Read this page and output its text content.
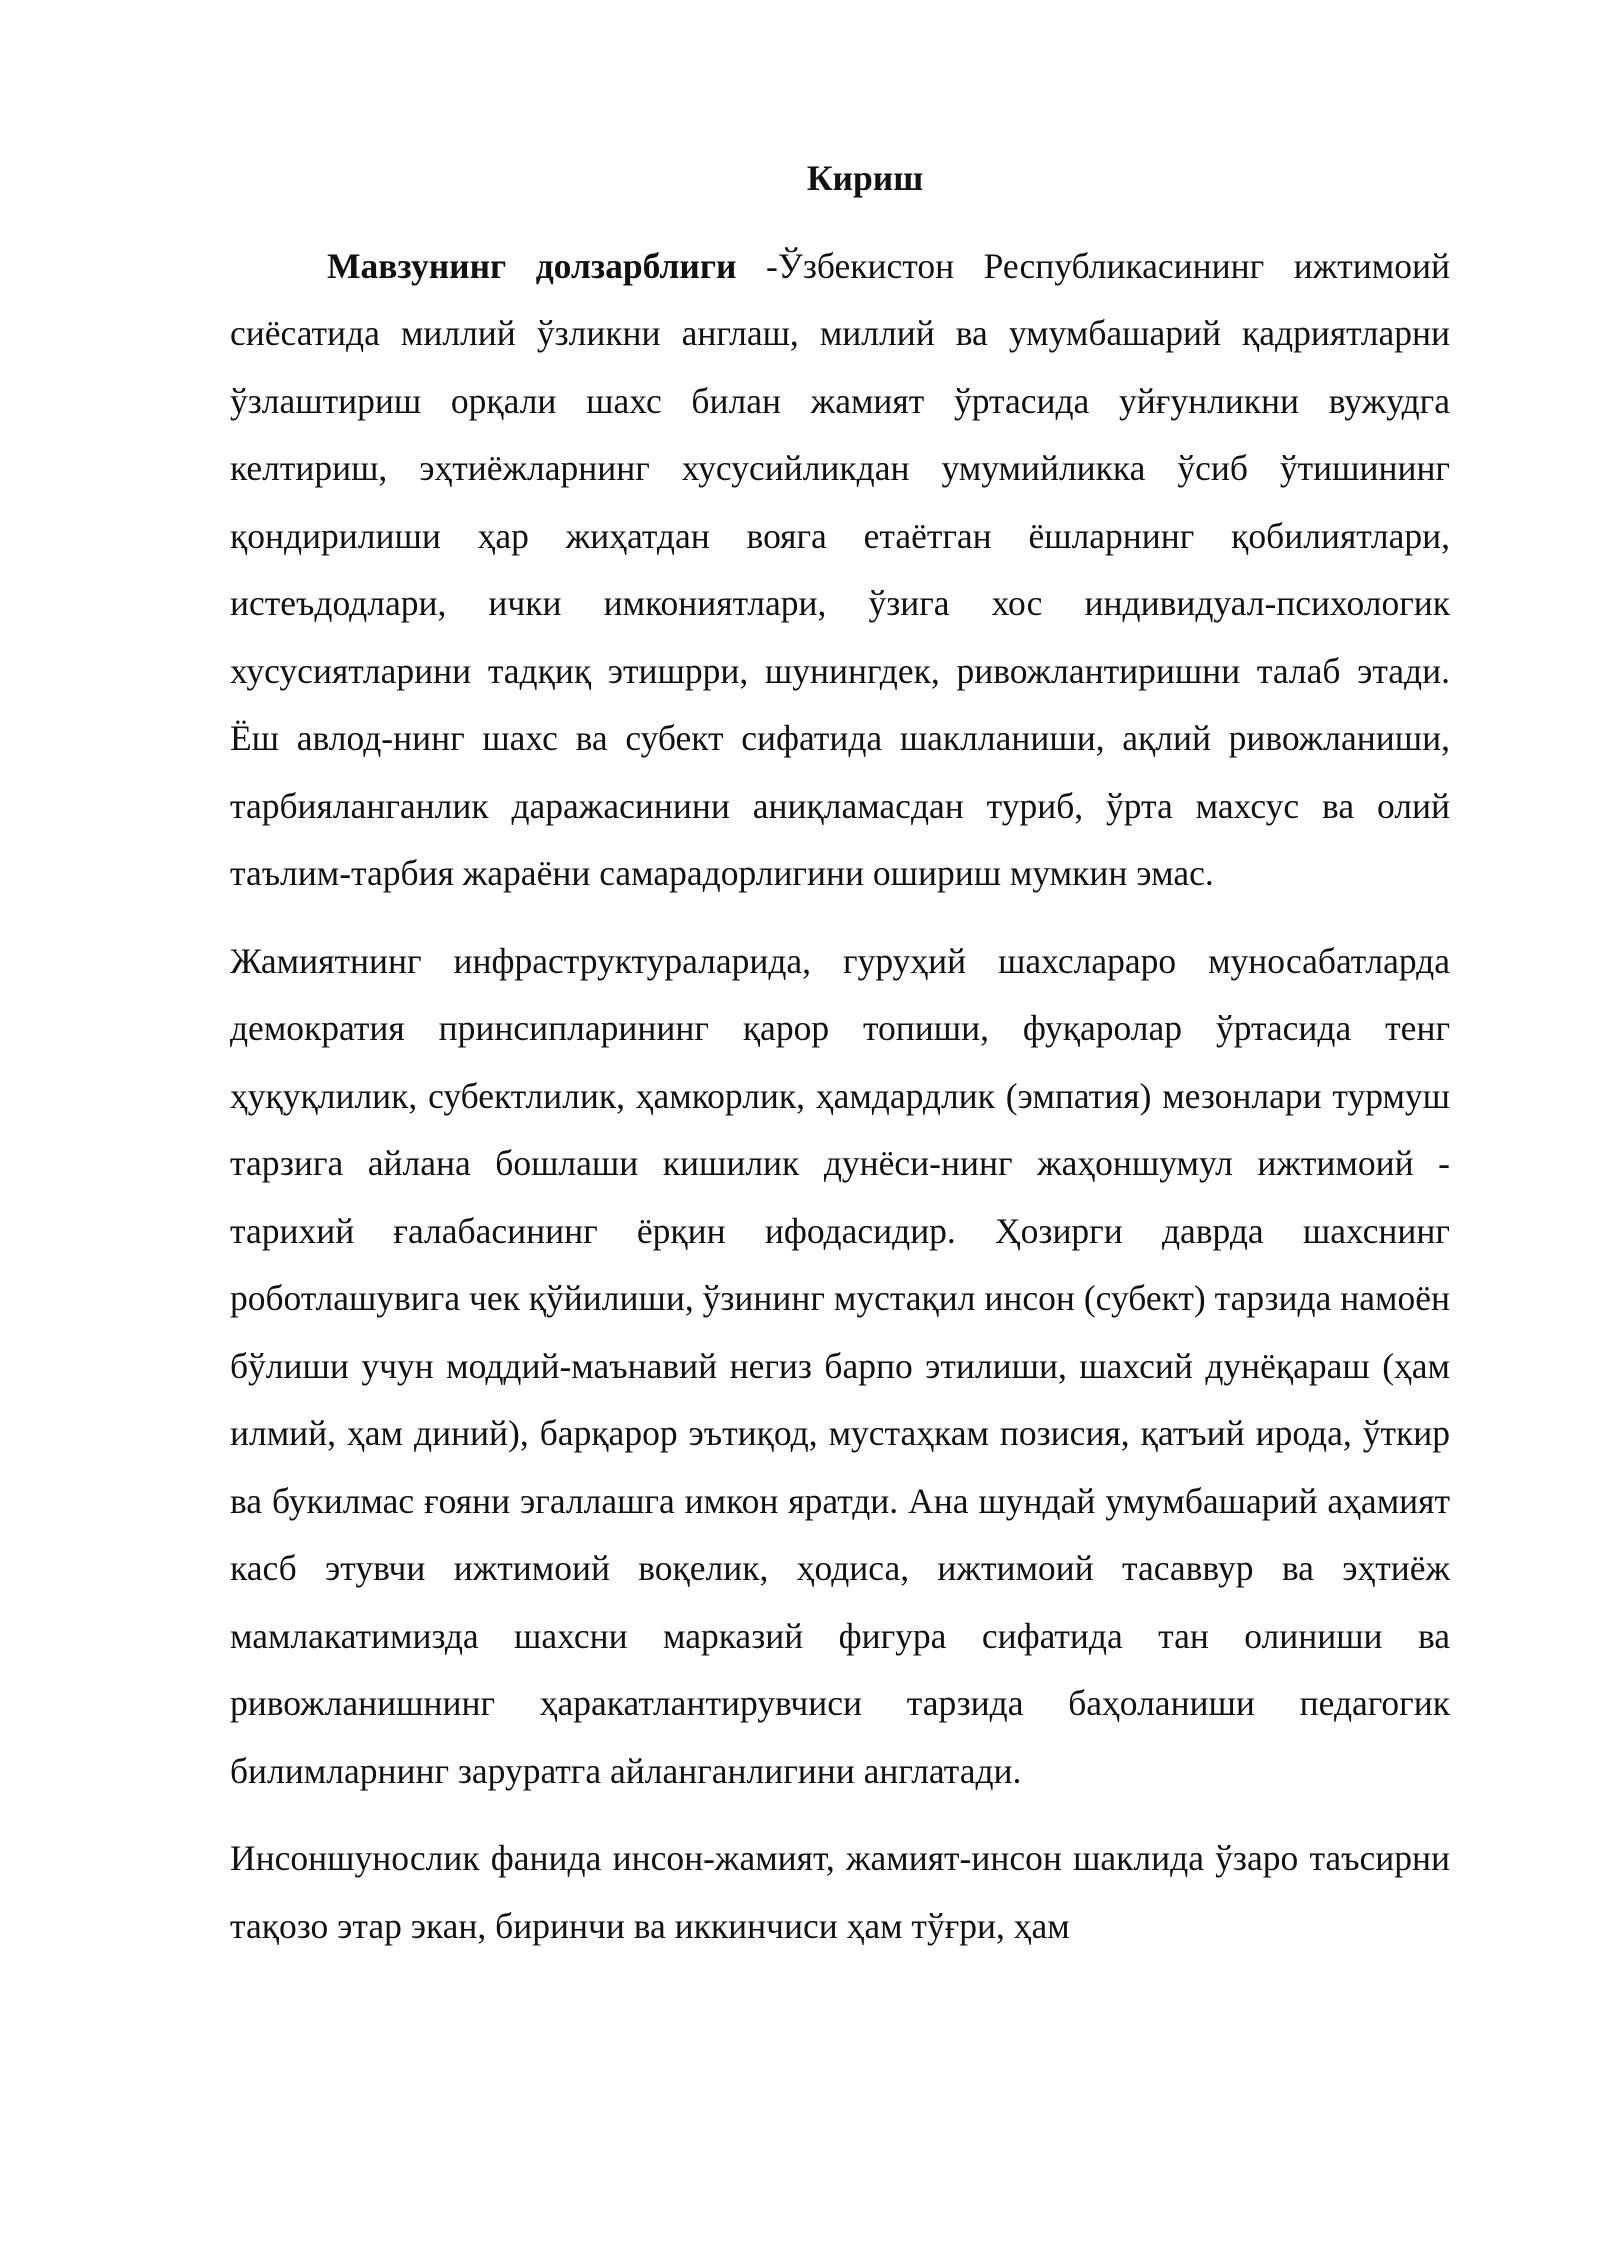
Кириш

Мавзунинг долзарблиги -Ўзбекистон Республикасининг ижтимоий сиёсатида миллий ўзликни англаш, миллий ва умумбашарий қадриятларни ўзлаштириш орқали шахс билан жамият ўртасида уйғунликни вужудга келтириш, эҳтиёжларнинг хусусийликдан умумийликка ўсиб ўтишининг қондирилиши ҳар жиҳатдан вояга етаётган ёшларнинг қобилиятлари, истеъдодлари, ички имкониятлари, ўзига хос индивидуал-психологик хусусиятларини тадқиқ этишрри, шунингдек, ривожлантиришни талаб этади. Ёш авлод-нинг шахс ва субект сифатида шаклланиши, ақлий ривожланиши, тарбияланганлик даражасинини аниқламасдан туриб, ўрта махсус ва олий таълим-тарбия жараёни самарадорлигини ошириш мумкин эмас.

Жамиятнинг инфраструктураларида, гуруҳий шахслараро муносабатларда демократия принсипларининг қарор топиши, фуқаролар ўртасида тенг ҳуқуқлилик, субектлилик, ҳамкорлик, ҳамдардлик (эмпатия) мезонлари турмуш тарзига айлана бошлаши кишилик дунёси-нинг жаҳоншумул ижтимоий - тарихий ғалабасининг ёрқин ифодасидир. Ҳозирги даврда шахснинг роботлашувига чек қўйилиши, ўзининг мустақил инсон (субект) тарзида намоён бўлиши учун моддий-маънавий негиз барпо этилиши, шахсий дунёқараш (ҳам илмий, ҳам диний), барқарор эътиқод, мустаҳкам позисия, қатъий ирода, ўткир ва букилмас ғояни эгаллашга имкон яратди. Ана шундай умумбашарий аҳамият касб этувчи ижтимоий воқелик, ҳодиса, ижтимоий тасаввур ва эҳтиёж мамлакатимизда шахсни марказий фигура сифатида тан олиниши ва ривожланишнинг ҳаракатлантирувчиси тарзида баҳоланиши педагогик билимларнинг заруратга айланганлигини англатади.

Инсоншунослик фанида инсон-жамият, жамият-инсон шаклида ўзаро таъсирни тақозо этар экан, биринчи ва иккинчиси ҳам тўғри, ҳам
